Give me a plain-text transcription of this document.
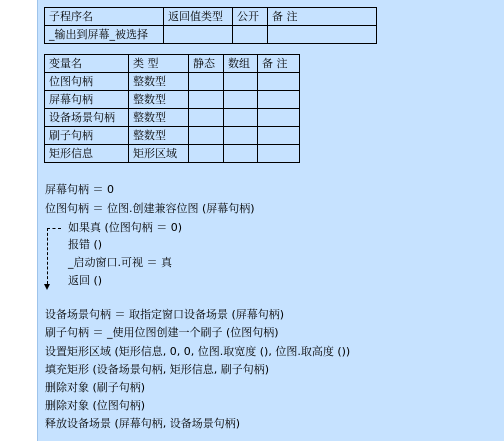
子程序名	返回值类型	公开	备 注
_输出到屏幕_被选择			
变量名	类 型	静态	数组	备 注
位图句柄	整数型			
屏幕句柄	整数型			
设备场景句柄	整数型			
刷子句柄	整数型			
矩形信息	矩形区域			
屏幕句柄 ＝ 0
位图句柄 ＝ 位图.创建兼容位图 (屏幕句柄)
如果真 (位图句柄 ＝ 0)
报错 ()
_启动窗口.可视 ＝ 真
返回 ()
设备场景句柄 ＝ 取指定窗口设备场景 (屏幕句柄)
刷子句柄 ＝ _使用位图创建一个刷子 (位图句柄)
设置矩形区域 (矩形信息, 0, 0, 位图.取宽度 (), 位图.取高度 ())
填充矩形 (设备场景句柄, 矩形信息, 刷子句柄)
删除对象 (刷子句柄)
删除对象 (位图句柄)
释放设备场景 (屏幕句柄, 设备场景句柄)
